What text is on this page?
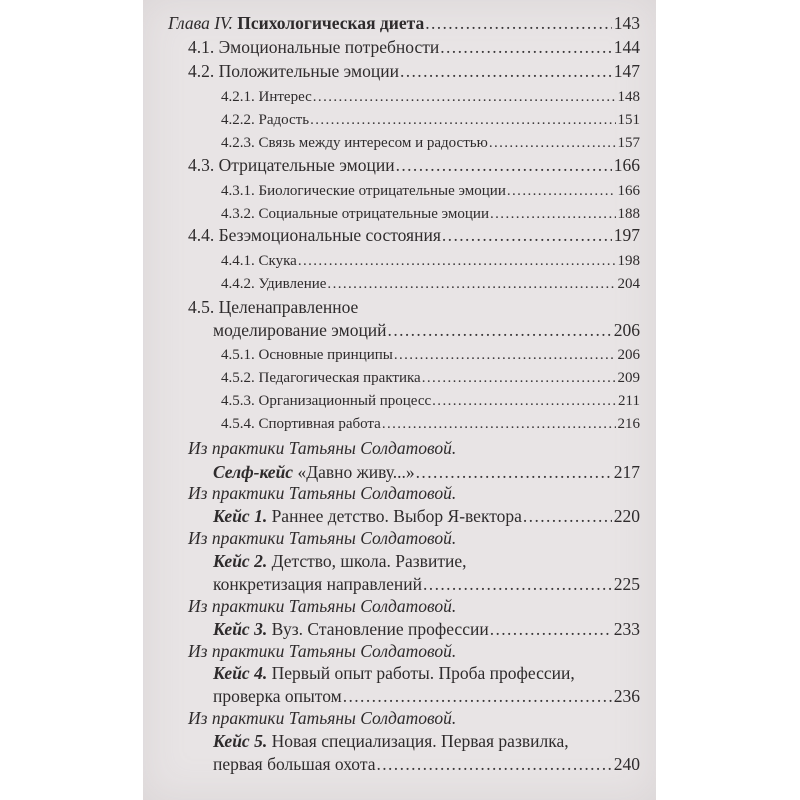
Глава IV. Психологическая диета .....	143
4.1. Эмоциональные потребности .....	144
4.2. Положительные эмоции .....	147
4.2.1. Интерес .....	148
4.2.2. Радость .....	151
4.2.3. Связь между интересом и радостью .....	157
4.3. Отрицательные эмоции .....	166
4.3.1. Биологические отрицательные эмоции .....	166
4.3.2. Социальные отрицательные эмоции .....	188
4.4. Безэмоциональные состояния .....	197
4.4.1. Скука .....	198
4.4.2. Удивление .....	204
4.5. Целенаправленное
моделирование эмоций .....	206
4.5.1. Основные принципы .....	206
4.5.2. Педагогическая практика .....	209
4.5.3. Организационный процесс .....	211
4.5.4. Спортивная работа .....	216
Из практики Татьяны Солдатовой.
Селф-кейс «Давно живу...» .....	217
Из практики Татьяны Солдатовой.
Кейс 1. Раннее детство. Выбор Я-вектора .....	220
Из практики Татьяны Солдатовой.
Кейс 2. Детство, школа. Развитие,
конкретизация направлений .....	225
Из практики Татьяны Солдатовой.
Кейс 3. Вуз. Становление профессии .....	233
Из практики Татьяны Солдатовой.
Кейс 4. Первый опыт работы. Проба профессии,
проверка опытом .....	236
Из практики Татьяны Солдатовой.
Кейс 5. Новая специализация. Первая развилка,
первая большая охота .....	240
